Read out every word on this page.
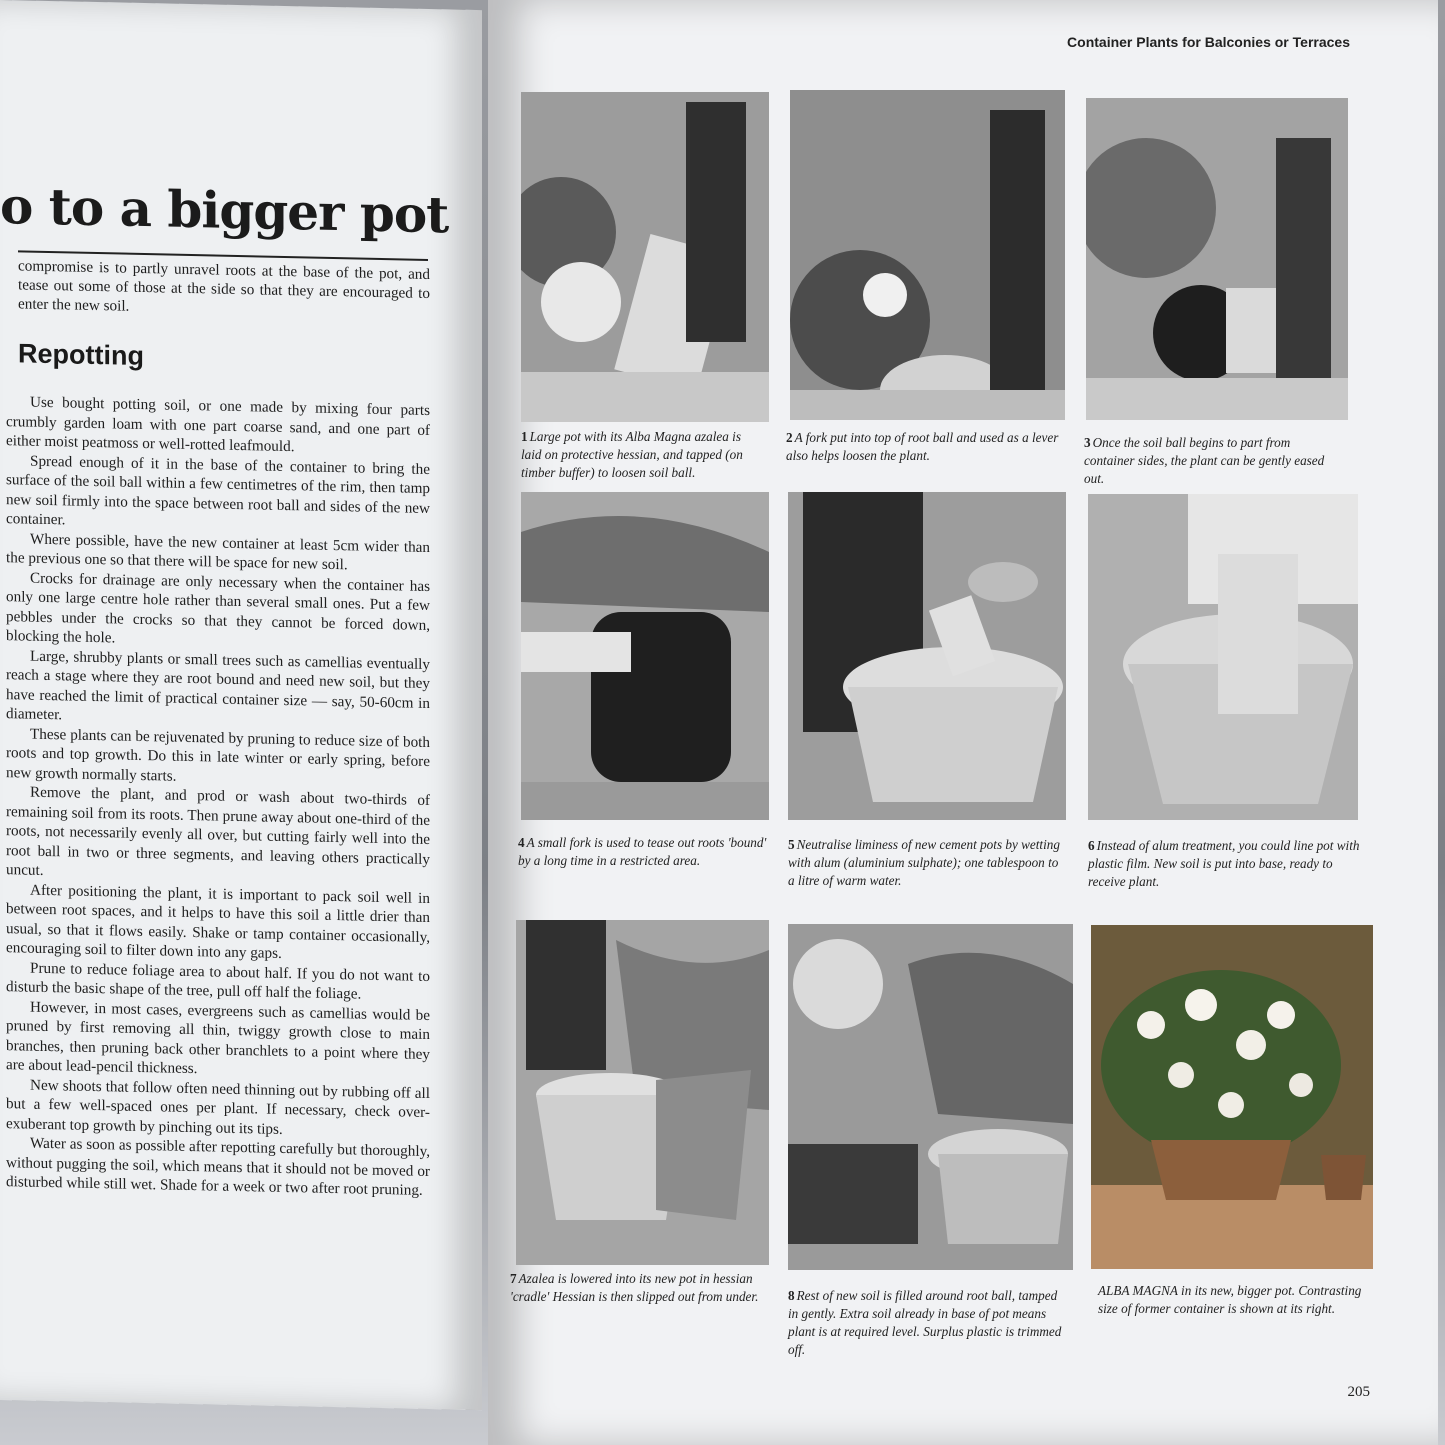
o to a bigger pot
compromise is to partly unravel roots at the base of the pot, and tease out some of those at the side so that they are encouraged to enter the new soil.
Repotting

Use bought potting soil, or one made by mixing four parts crumbly garden loam with one part coarse sand, and one part of either moist peatmoss or well-rotted leafmould.

Spread enough of it in the base of the container to bring the surface of the soil ball within a few centimetres of the rim, then tamp new soil firmly into the space between root ball and sides of the new container.

Where possible, have the new container at least 5cm wider than the previous one so that there will be space for new soil.

Crocks for drainage are only necessary when the container has only one large centre hole rather than several small ones. Put a few pebbles under the crocks so that they cannot be forced down, blocking the hole.

Large, shrubby plants or small trees such as camellias eventually reach a stage where they are root bound and need new soil, but they have reached the limit of practical container size — say, 50-60cm in diameter.

These plants can be rejuvenated by pruning to reduce size of both roots and top growth. Do this in late winter or early spring, before new growth normally starts.

Remove the plant, and prod or wash about two-thirds of remaining soil from its roots. Then prune away about one-third of the roots, not necessarily evenly all over, but cutting fairly well into the root ball in two or three segments, and leaving others practically uncut.

After positioning the plant, it is important to pack soil well in between root spaces, and it helps to have this soil a little drier than usual, so that it flows easily. Shake or tamp container occasionally, encouraging soil to filter down into any gaps.

Prune to reduce foliage area to about half. If you do not want to disturb the basic shape of the tree, pull off half the foliage.

However, in most cases, evergreens such as camellias would be pruned by first removing all thin, twiggy growth close to main branches, then pruning back other branchlets to a point where they are about lead-pencil thickness.

New shoots that follow often need thinning out by rubbing off all but a few well-spaced ones per plant. If necessary, check over-exuberant top growth by pinching out its tips.

Water as soon as possible after repotting carefully but thoroughly, without pugging the soil, which means that it should not be moved or disturbed while still wet. Shade for a week or two after root pruning.

Container Plants for Balconies or Terraces
1 Large pot with its Alba Magna azalea is laid on protective hessian, and tapped (on timber buffer) to loosen soil ball.
2 A fork put into top of root ball and used as a lever also helps loosen the plant.
3 Once the soil ball begins to part from container sides, the plant can be gently eased out.
4 A small fork is used to tease out roots 'bound' by a long time in a restricted area.
5 Neutralise liminess of new cement pots by wetting with alum (aluminium sulphate); one tablespoon to a litre of warm water.
6 Instead of alum treatment, you could line pot with plastic film. New soil is put into base, ready to receive plant.
7 Azalea is lowered into its new pot in hessian 'cradle' Hessian is then slipped out from under.	8 Rest of new soil is filled around root ball, tamped in gently. Extra soil already in base of pot means plant is at required level. Surplus plastic is trimmed off.
ALBA MAGNA in its new, bigger pot. Contrasting size of former container is shown at its right.
205
